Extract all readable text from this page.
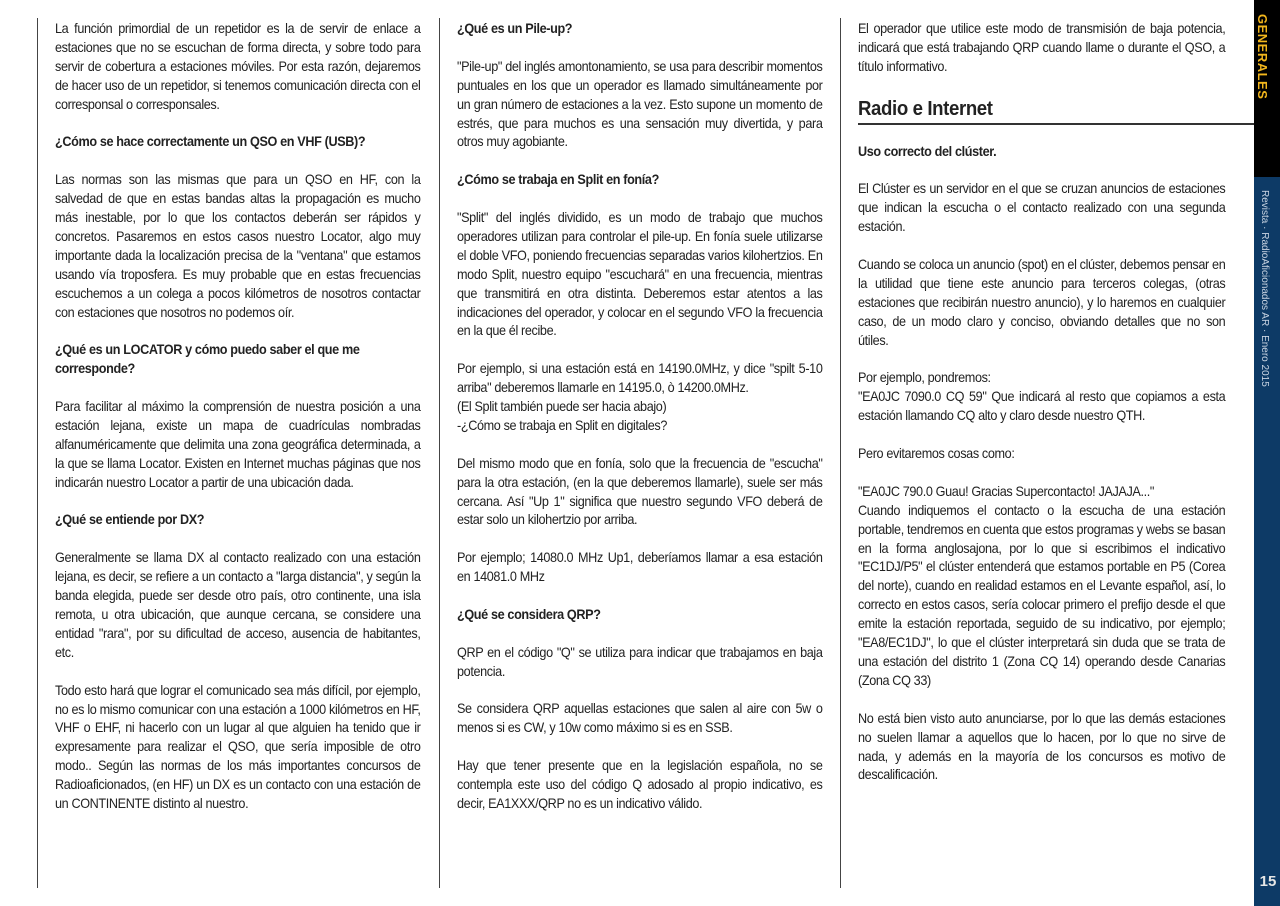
La función primordial de un repetidor es la de servir de enlace a estaciones que no se escuchan de forma directa, y sobre todo para servir de cobertura a estaciones móviles. Por esta razón, dejaremos de hacer uso de un repetidor, si tenemos comunicación directa con el corresponsal o corresponsales.

¿Cómo se hace correctamente un QSO en VHF (USB)?

Las normas son las mismas que para un QSO en HF, con la salvedad de que en estas bandas altas la propagación es mucho más inestable, por lo que los contactos deberán ser rápidos y concretos. Pasaremos en estos casos nuestro Locator, algo muy importante dada la localización precisa de la "ventana" que estamos usando vía troposfera. Es muy probable que en estas frecuencias escuchemos a un colega a pocos kilómetros de nosotros contactar con estaciones que nosotros no podemos oír.

¿Qué es un LOCATOR y cómo puedo saber el que me corresponde?

Para facilitar al máximo la comprensión de nuestra posición a una estación lejana, existe un mapa de cuadrículas nombradas alfanuméricamente que delimita una zona geográfica determinada, a la que se llama Locator. Existen en Internet muchas páginas que nos indicarán nuestro Locator a partir de una ubicación dada.

¿Qué se entiende por DX?

Generalmente se llama DX al contacto realizado con una estación lejana, es decir, se refiere a un contacto a "larga distancia", y según la banda elegida, puede ser desde otro país, otro continente, una isla remota, u otra ubicación, que aunque cercana, se considere una entidad "rara", por su dificultad de acceso, ausencia de habitantes, etc.

Todo esto hará que lograr el comunicado sea más difícil, por ejemplo, no es lo mismo comunicar con una estación a 1000 kilómetros en HF, VHF o EHF, ni hacerlo con un lugar al que alguien ha tenido que ir expresamente para realizar el QSO, que sería imposible de otro modo.. Según las normas de los más importantes concursos de Radioaficionados, (en HF) un DX es un contacto con una estación de un CONTINENTE distinto al nuestro.

¿Qué es un Pile-up?

"Pile-up" del inglés amontonamiento, se usa para describir momentos puntuales en los que un operador es llamado simultáneamente por un gran número de estaciones a la vez. Esto supone un momento de estrés, que para muchos es una sensación muy divertida, y para otros muy agobiante.

¿Cómo se trabaja en Split en fonía?

"Split" del inglés dividido, es un modo de trabajo que muchos operadores utilizan para controlar el pile-up. En fonía suele utilizarse el doble VFO, poniendo frecuencias separadas varios kilohertzios. En modo Split, nuestro equipo "escuchará" en una frecuencia, mientras que transmitirá en otra distinta. Deberemos estar atentos a las indicaciones del operador, y colocar en el segundo VFO la frecuencia en la que él recibe.

Por ejemplo, si una estación está en 14190.0MHz, y dice "spilt 5-10 arriba" deberemos llamarle en 14195.0, ò 14200.0MHz.
(El Split también puede ser hacia abajo)
-¿Cómo se trabaja en Split en digitales?

Del mismo modo que en fonía, solo que la frecuencia de "escucha" para la otra estación, (en la que deberemos llamarle), suele ser más cercana. Así "Up 1" significa que nuestro segundo VFO deberá de estar solo un kilohertzio por arriba.

Por ejemplo; 14080.0 MHz Up1, deberíamos llamar a esa estación en 14081.0 MHz

¿Qué se considera QRP?

QRP en el código "Q" se utiliza para indicar que trabajamos en baja potencia.

Se considera QRP aquellas estaciones que salen al aire con 5w o menos si es CW, y 10w como máximo si es en SSB.

Hay que tener presente que en la legislación española, no se contempla este uso del código Q adosado al propio indicativo, es decir, EA1XXX/QRP no es un indicativo válido.

El operador que utilice este modo de transmisión de baja potencia, indicará que está trabajando QRP cuando llame o durante el QSO, a título informativo.

Radio e Internet
Uso correcto del clúster.

El Clúster es un servidor en el que se cruzan anuncios de estaciones que indican la escucha o el contacto realizado con una segunda estación.

Cuando se coloca un anuncio (spot) en el clúster, debemos pensar en la utilidad que tiene este anuncio para terceros colegas, (otras estaciones que recibirán nuestro anuncio), y lo haremos en cualquier caso, de un modo claro y conciso, obviando detalles que no son útiles.

Por ejemplo, pondremos:
"EA0JC 7090.0 CQ 59" Que indicará al resto que copiamos a esta estación llamando CQ alto y claro desde nuestro QTH.

Pero evitaremos cosas como:

"EA0JC 790.0 Guau! Gracias Supercontacto! JAJAJA..."
Cuando indiquemos el contacto o la escucha de una estación portable, tendremos en cuenta que estos programas y webs se basan en la forma anglosajona, por lo que si escribimos el indicativo "EC1DJ/P5" el clúster entenderá que estamos portable en P5 (Corea del norte), cuando en realidad estamos en el Levante español, así, lo correcto en estos casos, sería colocar primero el prefijo desde el que emite la estación reportada, seguido de su indicativo, por ejemplo; "EA8/EC1DJ", lo que el clúster interpretará sin duda que se trata de una estación del distrito 1 (Zona CQ 14) operando desde Canarias (Zona CQ 33)

No está bien visto auto anunciarse, por lo que las demás estaciones no suelen llamar a aquellos que lo hacen, por lo que no sirve de nada, y además en la mayoría de los concursos es motivo de descalificación.

GENERALES
Revista · RadioAficionados AR · Enero 2015
15
